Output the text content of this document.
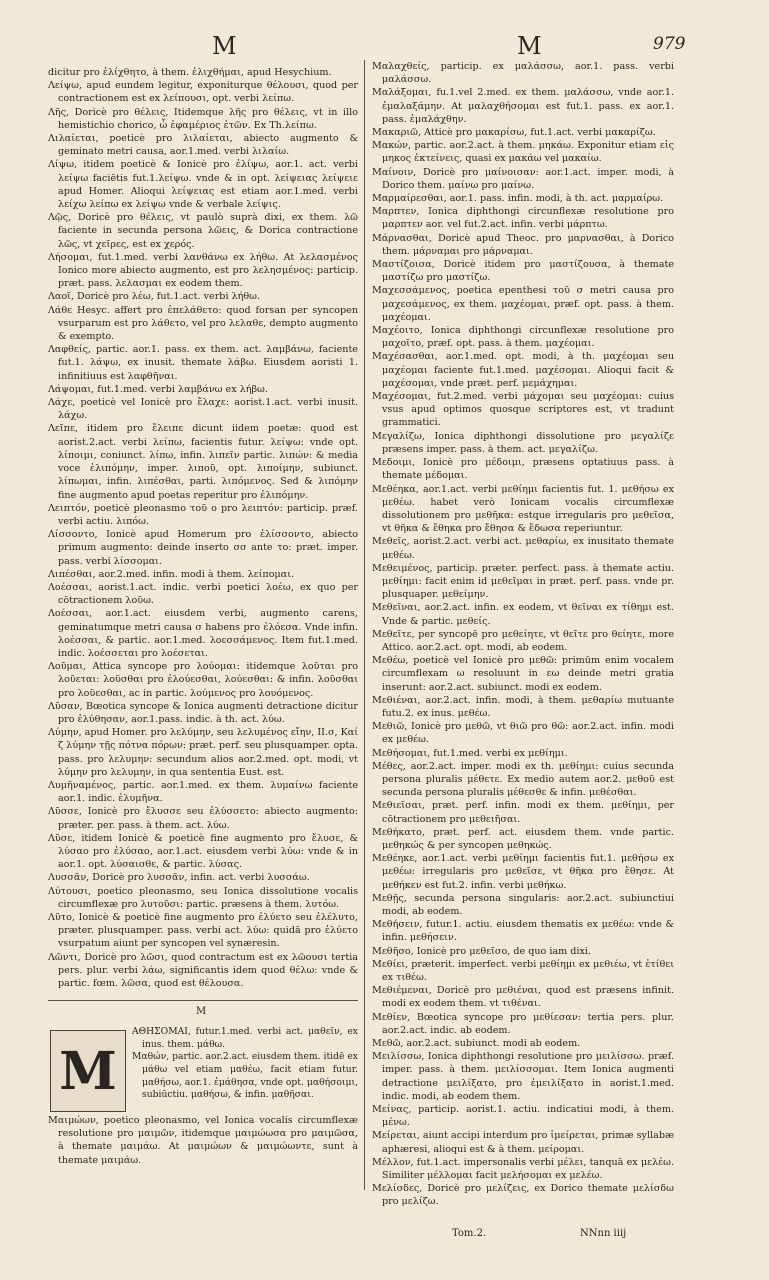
M	M	979
dicitur pro ἐλίχθητο, à them. ἐλιχθήμαι, apud Hesychium.
Λείψω, apud eundem legitur, exponiturque θέλουσι, quod per contractionem est ex λείπουσι, opt. verbi λείπω.
Λῆς, Doricè pro θέλεις, Itidemque λῆς pro θέλεις, vt in illo hemistichio chorico, ὦ ἐφαμέριος ἐτῶν. Ex Th.λείπω.
Λιλαίεται, poeticè pro λιλαίεται, abiecto augmento & geminato metri causa, aor.1.med. verbi λιλαίω.
Λίψω, itidem poeticè & Ionicè pro ἐλίψω, aor.1. act. verbi λείψω faciētis fut.1.λείψω. vnde & in opt. λείψειας λείψειε apud Homer. Alioqui λείψειας est etiam aor.1.med. verbi λείχω λείπω ex λείψω vnde & verbale λείψις.
Λῷς, Doricè pro θέλεις, vt paulò suprà dixi, ex them. λῶ faciente in secunda persona λῶεις, & Dorica contractione λῶς, vt χεῖρες, est ex χερός.
Λήσομαι, fut.1.med. verbi λανθάνω ex λήθω. At λελασμένος Ionico more abiecto augmento, est pro λελησμένος: particip. præt. pass. λελασμαι ex eodem them.
Λαοῖ, Doricè pro λέω, fut.1.act. verbi λήθω.
Λάθε Hesyc. affert pro ἐπελάθετο: quod forsan per syncopen vsurparum est pro λάθετο, vel pro λελαθε, dempto augmento & exempto.
Λαφθείς, partic. aor.1. pass. ex them. act. λαμβάνω, faciente fut.1. λάψω, ex inusit. themate λάβω. Eiusdem aoristi 1. infinitiuus est λαφθῆναι.
Λάψομαι, fut.1.med. verbi λαμβάνω ex λήβω.
Λάχε, poeticè vel Ionicè pro ἔλαχε: aorist.1.act. verbi inusit. λάχω.
Λεῖπε, itidem pro ἔλειπε dicunt iidem poetæ: quod est aorist.2.act. verbi λείπω, facientis futur. λείψω: vnde opt. λίποιμι, coniunct. λίπω, infin. λιπεῖν partic. λιπών: & media voce ἐλιπόμην, imper. λιποῦ, opt. λιποίμην, subiunct. λίπωμαι, infin. λιπέσθαι, parti. λιπόμενος. Sed & λιπόμην fine augmento apud poetas reperitur pro ἐλιπόμην.
Λειπτόν, poeticè pleonasmo τοῦ ο pro λειπτόν: particip. præf. verbi actiu. λιπόω.
Λίσσοντο, Ionicè apud Homerum pro ἐλίσσοντο, abiecto primum augmento: deinde inserto σσ ante το: præt. imper. pass. verbi λίσσομαι.
Λιπέσθαι, aor.2.med. infin. modi à them. λείπομαι.
Λοέσσαι, aorist.1.act. indic. verbi poetici λοέω, ex quo per cōtractionem λοῦω.
Λοέσσαι, aor.1.act. eiusdem verbi, augmento carens, geminatumque metri causa σ habens pro ἐλόεσα. Vnde infin. λοέσσαι, & partic. aor.1.med. λοεσσάμενος. Item fut.1.med. indic. λοέσσεται pro λοέσεται.
Λοῦμαι, Attica syncope pro λούομαι: itidemque λοῦται pro λοῦεται: λοῦσθαι pro ἐλούεσθαι, λούεσθαι: & infin. λοῦσθαι pro λοῦεσθαι, ac in partic. λούμενος pro λουόμενος.
Λῦσαν, Bœotica syncope & Ionica augmenti detractione dicitur pro ἐλύθησαν, aor.1.pass. indic. à th. act. λύω.
Λύμην, apud Homer. pro λελύμην, seu λελυμένος εἴην, II.σ, Καί ζ λύμην τῇς πότνα πόρων: præt. perf. seu plusquamper. opta. pass. pro λελυμην: secundum alios aor.2.med. opt. modi, vt λύμην pro λελυμην, in qua sententia Eust. est.
Λυμῆναμένος, partic. aor.1.med. ex them. λυμαίνω faciente aor.1. indic. ἐλυμῆνα.
Λῦσσε, Ionicè pro ἔλυσσε seu ἐλύσσετο: abiecto augmento: præter. per. pass. à them. act. λύω.
Λῦσε, itidem Ionicè & poeticè fine augmento pro ἔλυσε, & λύσαο pro ἐλύσαο, aor.1.act. eiusdem verbi λύω: vnde & in aor.1. opt. λύσαισθε, & partic. λύσας.
Λυσσᾶν, Doricè pro λυσσᾶν, infin. act. verbi λυσσάω.
Λύτουσι, poetico pleonasmo, seu Ionica dissolutione vocalis circumflexæ pro λυτοῦσι: partic. præsens à them. λυτόω.
Λῦτο, Ionicè & poeticè fine augmento pro ἐλύετο seu ἐλέλυτο, præter. plusquamper. pass. verbi act. λύω: quidā pro ἐλύετο vsurpatum aiunt per syncopen vel synæresin.
Λῶντι, Doricè pro λῶσι, quod contractum est ex λῶουσι tertia pers. plur. verbi λάω, significantis idem quod θέλω: vnde & partic. fœm. λῶσα, quod est θέλουσα.
M
M
ΑΘΗΣΟΜΑΙ, futur.1.med. verbi act. μαθεῖν, ex inus. them. μάθω.
Μαθών, partic. aor.2.act. eiusdem them. itidē ex μάθω vel etiam μαθέω, facit etiam futur. μαθήσω, aor.1. ἐμάθησα, vnde opt. μαθήσοιμι, subiūctiu. μαθήσω, & infin. μαθῆσαι.
Μαιμώων, poetico pleonasmo, vel Ionica vocalis circumflexæ resolutione pro μαιμῶν, itidemque μαιμώωσα pro μαιμῶσα, à themate μαιμάω. At μαιμώων & μαιμώωντε, sunt à themate μαιμάω.
Μαλαχθείς, particip. ex μαλάσσω, aor.1. pass. verbi μαλάσσω.
Μαλάξομαι, fu.1.vel 2.med. ex them. μαλάσσω, vnde aor.1. ἐμαλαξάμην. At μαλαχθήσομαι est fut.1. pass. ex aor.1. pass. ἐμαλάχθην.
Μακαριῶ, Atticè pro μακαρίσω, fut.1.act. verbi μακαρίζω.
Μακών, partic. aor.2.act. à them. μηκάω. Exponitur etiam εἰς μηκος ἐκτείνεις, quasi ex μακάω vel μακαίω.
Μαίνοιν, Doricè pro μαίνοισαν: aor.1.act. imper. modi, à Dorico them. μαίνω pro μαίνω.
Μαρμαίρεσθαι, aor.1. pass. infin. modi, à th. act. μαρμαίρω.
Μαρπτεν, Ionica diphthongi circunflexæ resolutione pro μαρπτεν aor. vel fut.2.act. infin. verbi μάρπτω.
Μάρνασθαι, Doricè apud Theoc. pro μαρνασθαι, à Dorico them. μάρναμαι pro μάρναμαι.
Μαστίζοισα, Doricè itidem pro μαστίζουσα, à themate μαστίζω pro μαστίζω.
Μαχεσσάμενος, poetica epenthesi τοῦ σ metri causa pro μαχεσάμενος, ex them. μαχέομαι, præf. opt. pass. à them. μαχέομαι.
Μαχέοιτο, Ionica diphthongi circunflexæ resolutione pro μαχοῖτο, præf. opt. pass. à them. μαχέομαι.
Μαχέσασθαι, aor.1.med. opt. modi, à th. μαχέομαι seu μαχέομαι faciente fut.1.med. μαχέσομαι. Alioqui facit & μαχέσομαι, vnde præt. perf. μεμάχημαι.
Μαχέσομαι, fut.2.med. verbi μάχομαι seu μαχέομαι: cuius vsus apud optimos quosque scriptores est, vt tradunt grammatici.
Μεγαλίζω, Ionica diphthongi dissolutione pro μεγαλίζε præsens imper. pass. à them. act. μεγαλίζω.
Μεδοιμι, Ionicè pro μέδοιμι, præsens optatiuus pass. à themate μέδομαι.
Μεθέηκα, aor.1.act. verbi μεθίημι facientis fut. 1. μεθήσω ex μεθέω. habet verò Ionicam vocalis circumflexæ dissolutionem pro μεθῆκα: estque irregularis pro μεθεῖσα, vt θῆκα & ἔθηκα pro ἔθησα & ἔδωσα reperiuntur.
Μεθεῖς, aorist.2.act. verbi act. μεθαρίω, ex inusitato themate μεθέω.
Μεθειμένος, particip. præter. perfect. pass. à themate actiu. μεθίημι: facit enim id μεθεῖμαι in præt. perf. pass. vnde pr. plusquaper. μεθείμην.
Μεθεῖναι, aor.2.act. infin. ex eodem, vt θεῖναι ex τίθημι est. Vnde & partic. μεθείς.
Μεθεῖτε, per syncopē pro μεθείητε, vt θεῖτε pro θείητε, more Attico. aor.2.act. opt. modi, ab eodem.
Μεθέω, poeticè vel Ionicè pro μεθῶ: primūm enim vocalem circumflexam ω resoluunt in εω deinde metri gratia inserunt: aor.2.act. subiunct. modi ex eodem.
Μεθιέναι, aor.2.act. infin. modi, à them. μεθαρίω mutuante futu.2. ex inus. μεθέω.
Μεθιῶ, Ionicè pro μεθῶ, vt θιῶ pro θῶ: aor.2.act. infin. modi ex μεθέω.
Μεθήσομαι, fut.1.med. verbi ex μεθίημι.
Μέθες, aor.2.act. imper. modi ex th. μεθίημι: cuius secunda persona pluralis μέθετε. Ex medio autem aor.2. μεθοῦ est secunda persona pluralis μέθεσθε & infin. μεθέσθαι.
Μεθιεῖσαι, præt. perf. infin. modi ex them. μεθίημι, per cōtractionem pro μεθειῆσαι.
Μεθήκατο, præt. perf. act. eiusdem them. vnde partic. μεθηκώς & per syncopen μεθηκώς.
Μεθέηκε, aor.1.act. verbi μεθίημι facientis fut.1. μεθήσω ex μεθέω: irregularis pro μεθεῖσε, vt θῆκα pro ἔθησε. At μεθήκεν est fut.2. infin. verbi μεθήκω.
Μεθῇς, secunda persona singularis: aor.2.act. subiunctiui modi, ab eodem.
Μεθήσειν, futur.1. actiu. eiusdem thematis ex μεθέω: vnde & infin. μεθήσειν.
Μεθῆσο, Ionicè pro μεθεῖσο, de quo iam dixi.
Μεθίει, præterit. imperfect. verbi μεθίημι ex μεθιέω, vt ἐτίθει ex τιθέω.
Μεθιέμεναι, Doricè pro μεθιέναι, quod est præsens infinit. modi ex eodem them. vt τιθέναι.
Μεθίεν, Bœotica syncope pro μεθίεσαν: tertia pers. plur. aor.2.act. indic. ab eodem.
Μεθῶ, aor.2.act. subiunct. modi ab eodem.
Μειλίσσω, Ionica diphthongi resolutione pro μειλίσσω. præf. imper. pass. à them. μειλίσσομαι. Item Ionica augmenti detractione μειλίξατο, pro ἐμειλίξατο in aorist.1.med. indic. modi, ab eodem them.
Μείνας, particip. aorist.1. actiu. indicatiui modi, à them. μένω.
Μείρεται, aiunt accipi interdum pro ἱμείρεται, primæ syllabæ aphæresi, alioqui est & à them. μείρομαι.
Μέλλον, fut.1.act. impersonalis verbi μέλει, tanquā ex μελέω. Similiter μέλλομαι facit μελήσομαι ex μελέω.
Μελίσδες, Doricè pro μελίζεις, ex Dorico themate μελίσδω pro μελίζω.
Tom.2.	NNnn iiij
